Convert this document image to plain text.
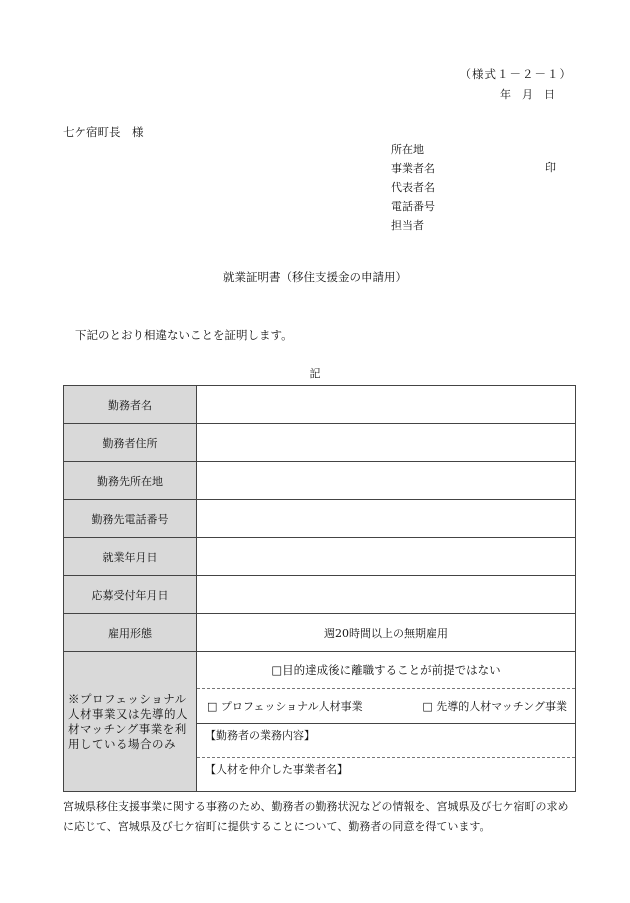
（様式１－２－１）
年　月　日
七ケ宿町長　様
所在地
事業者名
代表者名
電話番号
担当者
印
就業証明書（移住支援金の申請用）
下記のとおり相違ないことを証明します。
記
勤務者名	
勤務者住所	
勤務先所在地	
勤務先電話番号	
就業年月日	
応募受付年月日	
雇用形態	週20時間以上の無期雇用
※プロフェッショナル人材事業又は先導的人材マッチング事業を利用している場合のみ	□目的達成後に離職することが前提ではない
□ プロフェッショナル人材事業 □ 先導的人材マッチング事業
【勤務者の業務内容】
【人材を仲介した事業者名】
宮城県移住支援事業に関する事務のため、勤務者の勤務状況などの情報を、宮城県及び七ケ宿町の求めに応じて、宮城県及び七ケ宿町に提供することについて、勤務者の同意を得ています。
